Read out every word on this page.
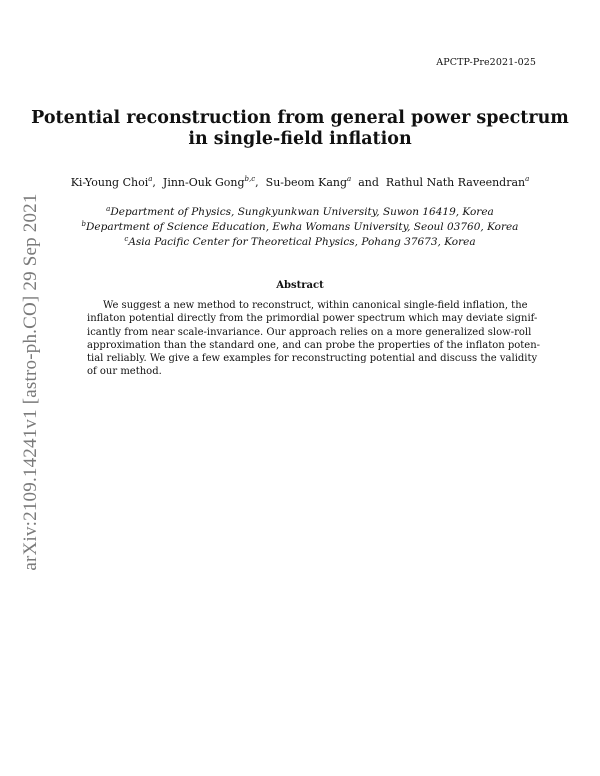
APCTP-Pre2021-025
arXiv:2109.14241v1 [astro-ph.CO] 29 Sep 2021
Potential reconstruction from general power spectrum
in single-field inflation
Ki-Young Choi$^a$,  Jinn-Ouk Gong$^{b,c}$,  Su-beom Kang$^a$  and  Rathul Nath Raveendran$^a$
$^a$Department of Physics, Sungkyunkwan University, Suwon 16419, Korea
$^b$Department of Science Education, Ewha Womans University, Seoul 03760, Korea
$^c$Asia Pacific Center for Theoretical Physics, Pohang 37673, Korea
Abstract
We suggest a new method to reconstruct, within canonical single-field inflation, the
inflaton potential directly from the primordial power spectrum which may deviate signif-
icantly from near scale-invariance. Our approach relies on a more generalized slow-roll
approximation than the standard one, and can probe the properties of the inflaton poten-
tial reliably. We give a few examples for reconstructing potential and discuss the validity
of our method.
